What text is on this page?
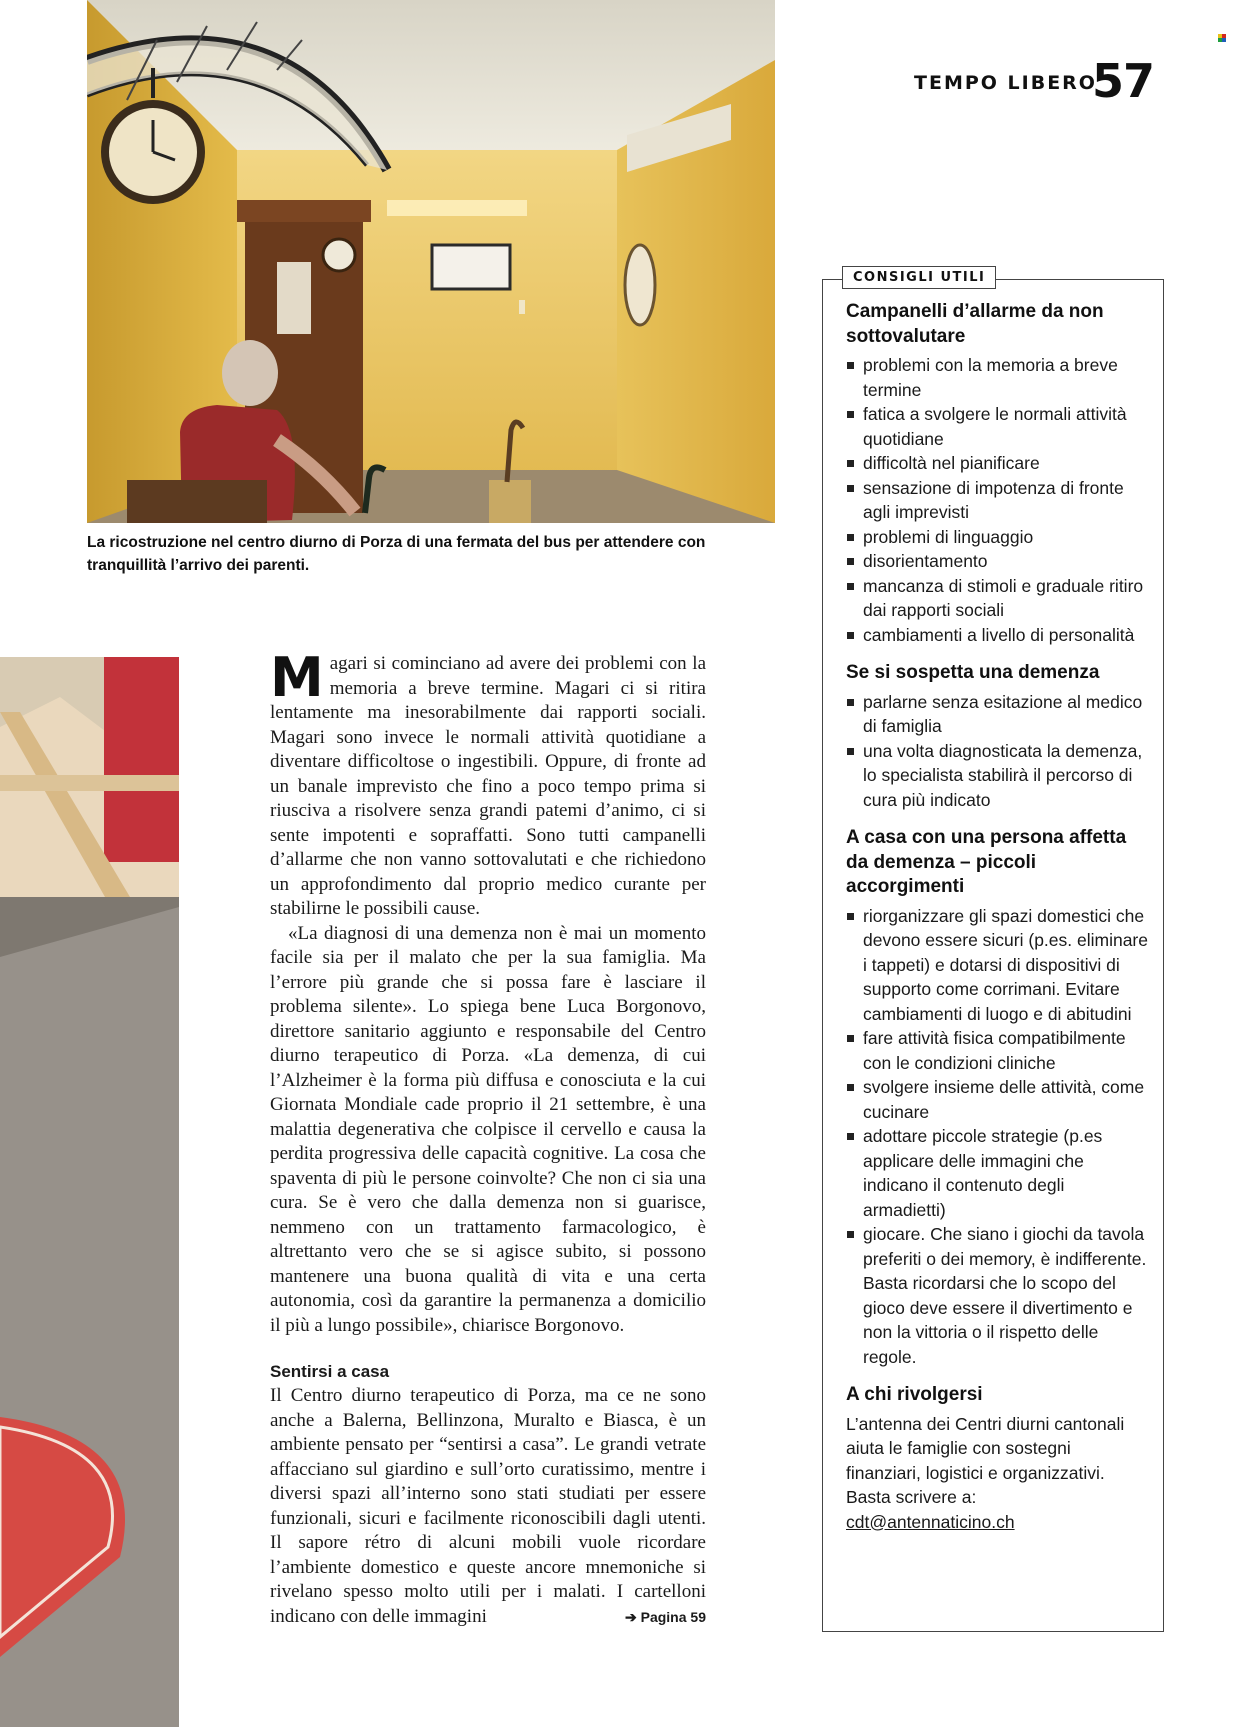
TEMPO LIBERO
57
La ricostruzione nel centro diurno di Porza di una fermata del bus per attendere con tranquillità l’arrivo dei parenti.

Magari si cominciano ad avere dei problemi con la memoria a breve termine. Magari ci si ritira lentamente ma inesorabilmente dai rapporti sociali. Magari sono invece le normali attività quotidiane a diventare difficoltose o ingestibili. Oppure, di fronte ad un banale imprevisto che fino a poco tempo prima si riusciva a risolvere senza grandi patemi d’animo, ci si sente impotenti e sopraffatti. Sono tutti campanelli d’allarme che non vanno sottovalutati e che richiedono un approfondimento dal proprio medico curante per stabilirne le possibili cause.

«La diagnosi di una demenza non è mai un momento facile sia per il malato che per la sua famiglia. Ma l’errore più grande che si possa fare è lasciare il problema silente». Lo spiega bene Luca Borgonovo, direttore sanitario aggiunto e responsabile del Centro diurno terapeutico di Porza. «La demenza, di cui l’Alzheimer è la forma più diffusa e conosciuta e la cui Giornata Mondiale cade proprio il 21 settembre, è una malattia degenerativa che colpisce il cervello e causa la perdita progressiva delle capacità cognitive. La cosa che spaventa di più le persone coinvolte? Che non ci sia una cura. Se è vero che dalla demenza non si guarisce, nemmeno con un trattamento farmacologico, è altrettanto vero che se si agisce subito, si possono mantenere una buona qualità di vita e una certa autonomia, così da garantire la permanenza a domicilio il più a lungo possibile», chiarisce Borgonovo.

Sentirsi a casa

Il Centro diurno terapeutico di Porza, ma ce ne sono anche a Balerna, Bellinzona, Muralto e Biasca, è un ambiente pensato per “sentirsi a casa”. Le grandi vetrate affacciano sul giardino e sull’orto curatissimo, mentre i diversi spazi all’interno sono stati studiati per essere funzionali, sicuri e facilmente riconoscibili dagli utenti. Il sapore rétro di alcuni mobili vuole ricordare l’ambiente domestico e queste ancore mnemoniche si rivelano spesso molto utili per i malati. I cartelloni indicano con delle immagini	➔ Pagina 59

CONSIGLI UTILI
Campanelli d’allarme da non sottovalutare
problemi con la memoria a breve termine
fatica a svolgere le normali attività quotidiane
difficoltà nel pianificare
sensazione di impotenza di fronte agli imprevisti
problemi di linguaggio
disorientamento
mancanza di stimoli e graduale ritiro dai rapporti sociali
cambiamenti a livello di personalità
Se si sospetta una demenza
parlarne senza esitazione al medico di famiglia
una volta diagnosticata la demenza, lo specialista stabilirà il percorso di cura più indicato
A casa con una persona affetta da demenza – piccoli accorgimenti
riorganizzare gli spazi domestici che devono essere sicuri (p.es. eliminare i tappeti) e dotarsi di dispositivi di supporto come corrimani. Evitare cambiamenti di luogo e di abitudini
fare attività fisica compatibilmente con le condizioni cliniche
svolgere insieme delle attività, come cucinare
adottare piccole strategie (p.es applicare delle immagini che indicano il contenuto degli armadietti)
giocare. Che siano i giochi da tavola preferiti o dei memory, è indifferente. Basta ricordarsi che lo scopo del gioco deve essere il divertimento e non la vittoria o il rispetto delle regole.
A chi rivolgersi
L’antenna dei Centri diurni cantonali aiuta le famiglie con sostegni finanziari, logistici e organizzativi. Basta scrivere a:
cdt@antennaticino.ch
